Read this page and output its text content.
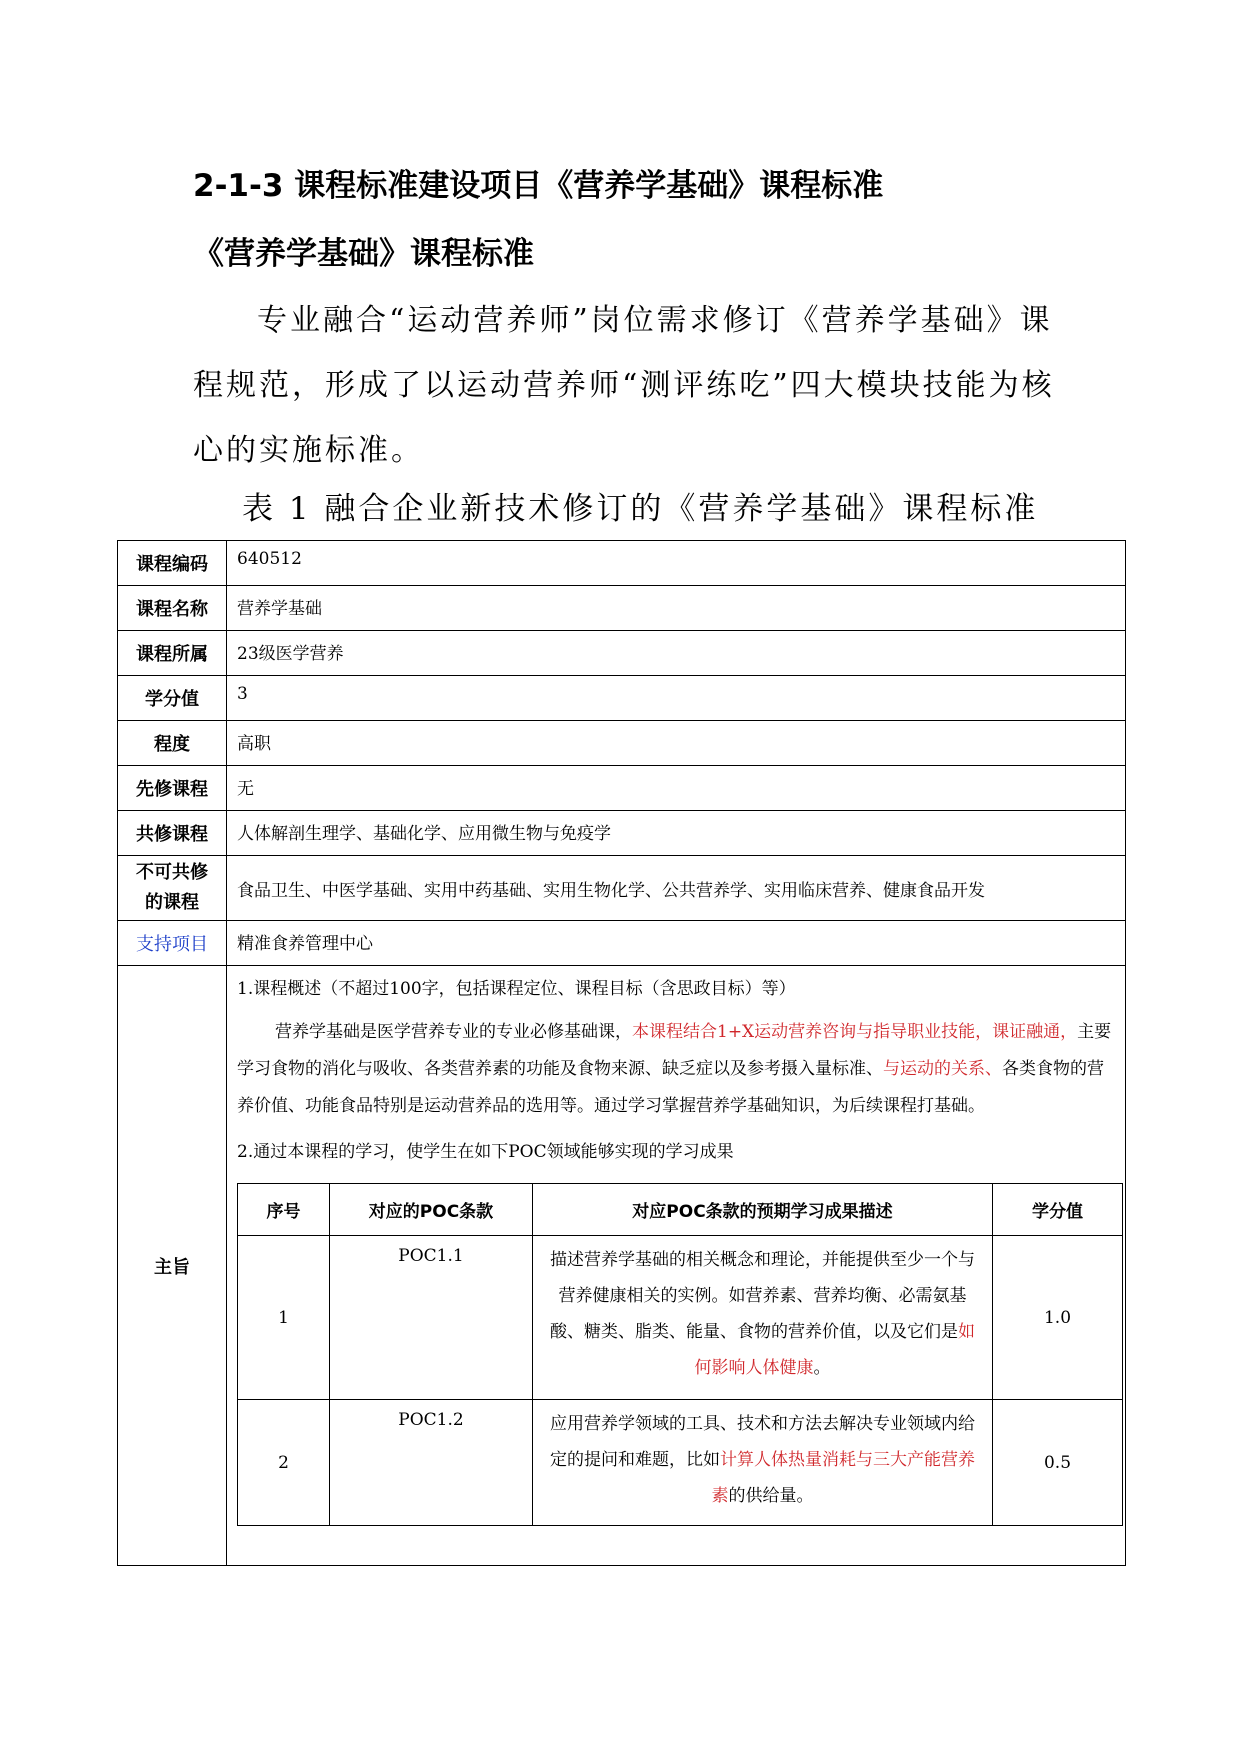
2-1-3 课程标准建设项目《营养学基础》课程标准
《营养学基础》课程标准

专业融合“运动营养师”岗位需求修订《营养学基础》课程规范，形成了以运动营养师“测评练吃”四大模块技能为核心的实施标准。

表 1 融合企业新技术修订的《营养学基础》课程标准
课程编码	640512
课程名称	营养学基础
课程所属	23级医学营养
学分值	3
程度	高职
先修课程	无
共修课程	人体解剖生理学、基础化学、应用微生物与免疫学

不可共修
的课程
	食品卫生、中医学基础、实用中药基础、实用生物化学、公共营养学、实用临床营养、健康食品开发
支持项目	精准食养管理中心
主旨	

1.课程概述（不超过100字，包括课程定位、课程目标（含思政目标）等）

营养学基础是医学营养专业的专业必修基础课，本课程结合1+X运动营养咨询与指导职业技能，课证融通，主要学习食物的消化与吸收、各类营养素的功能及食物来源、缺乏症以及参考摄入量标准、与运动的关系、各类食物的营养价值、功能食品特别是运动营养品的选用等。通过学习掌握营养学基础知识，为后续课程打基础。

2.通过本课程的学习，使学生在如下POC领域能够实现的学习成果

序号	对应的POC条款	对应POC条款的预期学习成果描述	学分值
1	POC1.1	描述营养学基础的相关概念和理论，并能提供至少一个与营养健康相关的实例。如营养素、营养均衡、必需氨基酸、糖类、脂类、能量、食物的营养价值，以及它们是如何影响人体健康。	1.0
2	POC1.2	应用营养学领域的工具、技术和方法去解决专业领域内给定的提问和难题，比如计算人体热量消耗与三大产能营养素的供给量。	0.5
